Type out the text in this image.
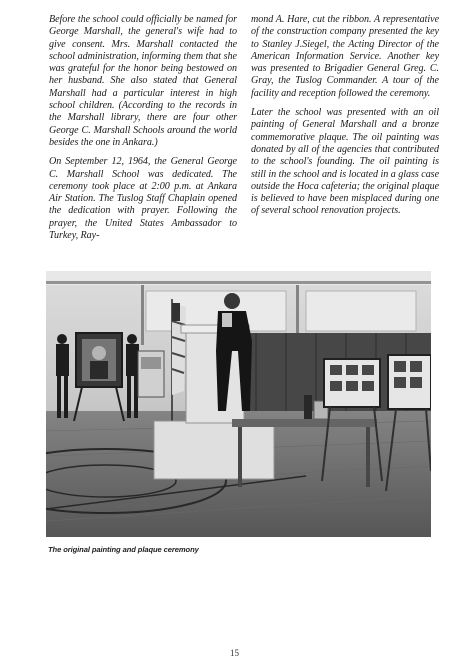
Before the school could officially be named for George Marshall, the general's wife had to give consent. Mrs. Marshall contacted the school administration, informing them that she was grateful for the honor being bestowed on her husband. She also stated that General Marshall had a particular interest in high school children. (According to the records in the Marshall library, there are four other George C. Marshall Schools around the world besides the one in Ankara.)

On September 12, 1964, the General George C. Marshall School was dedicated. The ceremony took place at 2:00 p.m. at Ankara Air Station. The Tuslog Staff Chaplain opened the dedication with prayer. Following the prayer, the United States Ambassador to Turkey, Ray-

mond A. Hare, cut the ribbon. A representative of the construction company presented the key to Stanley J.Siegel, the Acting Director of the American Information Service. Another key was presented to Brigadier General Greg. C. Gray, the Tuslog Commander. A tour of the facility and reception followed the ceremony.

Later the school was presented with an oil painting of General Marshall and a bronze commemorative plaque. The oil painting was donated by all of the agencies that contributed to the school's founding. The oil painting is still in the school and is located in a glass case outside the Hoca cafeteria; the original plaque is believed to have been misplaced during one of several school renovation projects.

The original painting and plaque ceremony
15
